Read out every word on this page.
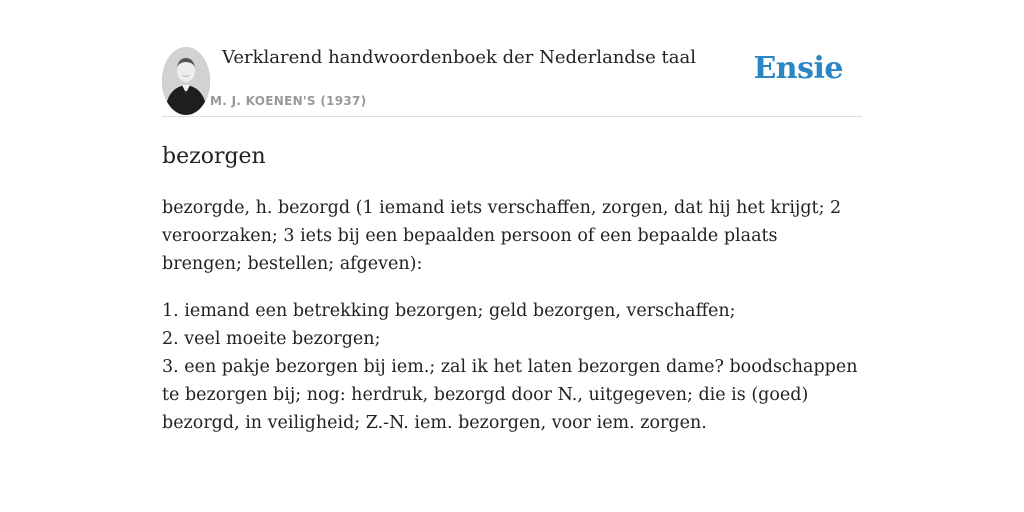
Verklarend handwoordenboek der Nederlandse taal
M. J. KOENEN'S (1937)
Ensie
bezorgen

bezorgde, h. bezorgd (1 iemand iets verschaffen, zorgen, dat hij het krijgt; 2 veroorzaken; 3 iets bij een bepaalden persoon of een bepaalde plaats brengen; bestellen; afgeven):

1. iemand een betrekking bezorgen; geld bezorgen, verschaffen;
2. veel moeite bezorgen;
3. een pakje bezorgen bij iem.; zal ik het laten bezorgen dame? boodschappen te bezorgen bij; nog: herdruk, bezorgd door N., uitgegeven; die is (goed) bezorgd, in veiligheid; Z.-N. iem. bezorgen, voor iem. zorgen.
